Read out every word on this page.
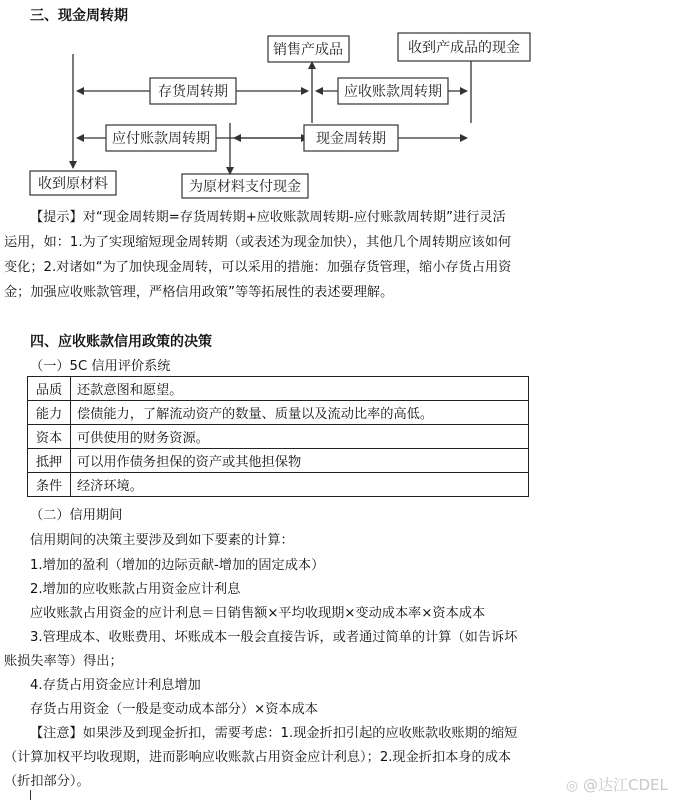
三、现金周转期
销售产成品	收到产成品的现金
存货周转期	应收账款周转期
应付账款周转期	现金周转期
收到原材料	为原材料支付现金
【提示】对“现金周转期=存货周转期+应收账款周转期-应付账款周转期”进行灵活
运用，如：1.为了实现缩短现金周转期（或表述为现金加快），其他几个周转期应该如何
变化；2.对诸如“为了加快现金周转，可以采用的措施：加强存货管理，缩小存货占用资
金；加强应收账款管理，严格信用政策”等等拓展性的表述要理解。
四、应收账款信用政策的决策
（一）5C 信用评价系统
品质	还款意图和愿望。
能力	偿债能力，了解流动资产的数量、质量以及流动比率的高低。
资本	可供使用的财务资源。
抵押	可以用作债务担保的资产或其他担保物
条件	经济环境。
（二）信用期间
信用期间的决策主要涉及到如下要素的计算：
1.增加的盈利（增加的边际贡献-增加的固定成本）
2.增加的应收账款占用资金应计利息
应收账款占用资金的应计利息＝日销售额×平均收现期×变动成本率×资本成本
3.管理成本、收账费用、坏账成本一般会直接告诉，或者通过简单的计算（如告诉坏
账损失率等）得出；
4.存货占用资金应计利息增加
存货占用资金（一般是变动成本部分）×资本成本
【注意】如果涉及到现金折扣，需要考虑：1.现金折扣引起的应收账款收账期的缩短
（计算加权平均收现期，进而影响应收账款占用资金应计利息）；2.现金折扣本身的成本
（折扣部分）。	◎ @达江CDEL
